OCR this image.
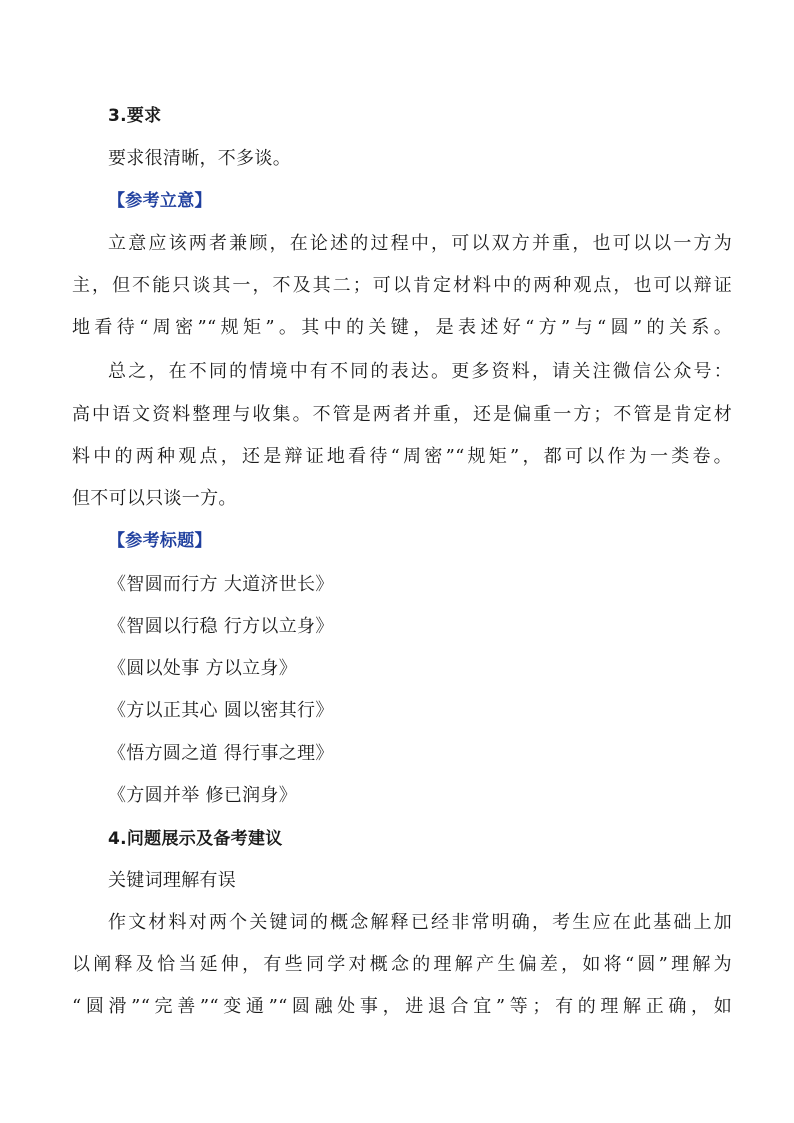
3.要求
要求很清晰，不多谈。
【参考立意】
立意应该两者兼顾，在论述的过程中，可以双方并重，也可以以一方为
主，但不能只谈其一，不及其二；可以肯定材料中的两种观点，也可以辩证
地看待“周密”“规矩”。其中的关键，是表述好“方”与“圆”的关系。
总之，在不同的情境中有不同的表达。更多资料，请关注微信公众号：
高中语文资料整理与收集。不管是两者并重，还是偏重一方；不管是肯定材
料中的两种观点，还是辩证地看待“周密”“规矩”，都可以作为一类卷。
但不可以只谈一方。
【参考标题】
《智圆而行方 大道济世长》
《智圆以行稳 行方以立身》
《圆以处事 方以立身》
《方以正其心 圆以密其行》
《悟方圆之道 得行事之理》
《方圆并举 修已润身》
4.问题展示及备考建议
关键词理解有误
作文材料对两个关键词的概念解释已经非常明确，考生应在此基础上加
以阐释及恰当延伸，有些同学对概念的理解产生偏差，如将“圆”理解为
“圆滑”“完善”“变通”“圆融处事，进退合宜”等；有的理解正确，如
